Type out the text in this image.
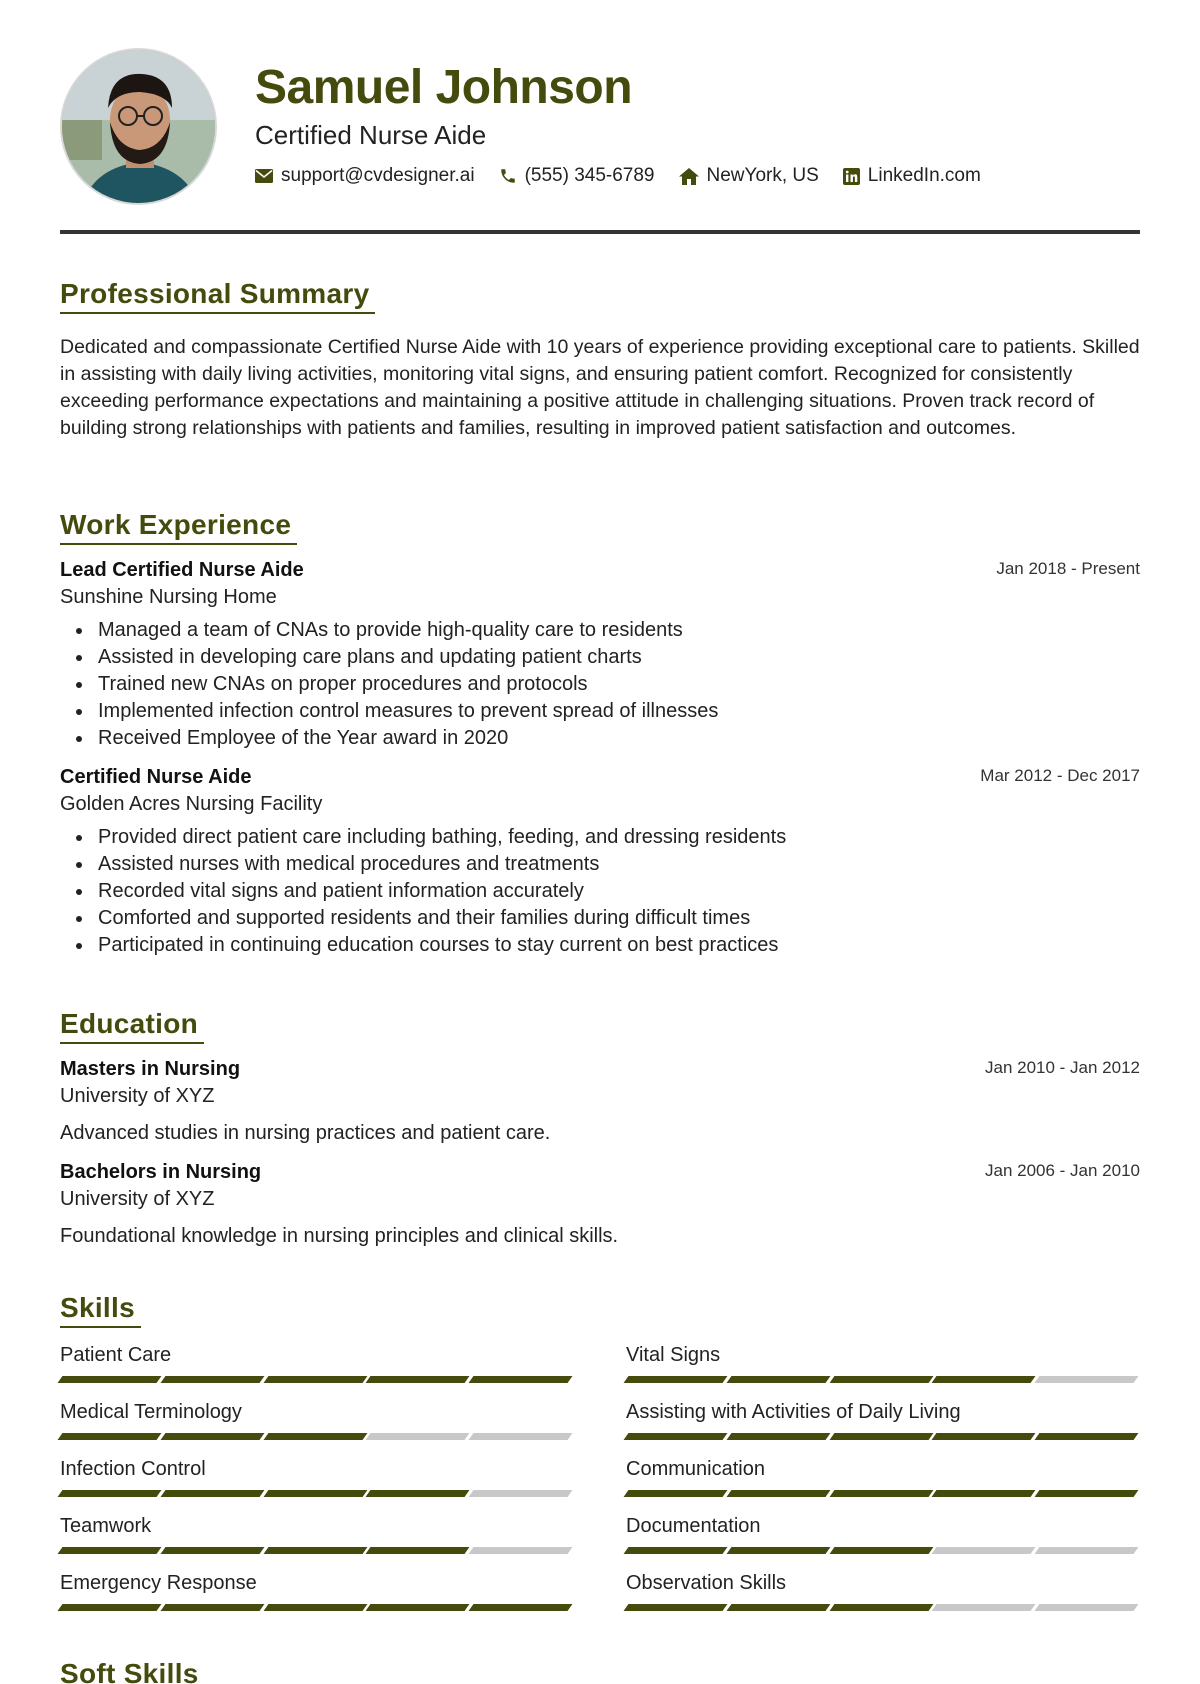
Samuel Johnson
Certified Nurse Aide
support@cvdesigner.ai	(555) 345-6789	NewYork, US	LinkedIn.com
Professional Summary
Dedicated and compassionate Certified Nurse Aide with 10 years of experience providing exceptional care to patients. Skilled in assisting with daily living activities, monitoring vital signs, and ensuring patient comfort. Recognized for consistently exceeding performance expectations and maintaining a positive attitude in challenging situations. Proven track record of building strong relationships with patients and families, resulting in improved patient satisfaction and outcomes.
Work Experience
Lead Certified Nurse Aide	Jan 2018 - Present
Sunshine Nursing Home
Managed a team of CNAs to provide high-quality care to residents
Assisted in developing care plans and updating patient charts
Trained new CNAs on proper procedures and protocols
Implemented infection control measures to prevent spread of illnesses
Received Employee of the Year award in 2020
Certified Nurse Aide	Mar 2012 - Dec 2017
Golden Acres Nursing Facility
Provided direct patient care including bathing, feeding, and dressing residents
Assisted nurses with medical procedures and treatments
Recorded vital signs and patient information accurately
Comforted and supported residents and their families during difficult times
Participated in continuing education courses to stay current on best practices
Education
Masters in Nursing	Jan 2010 - Jan 2012
University of XYZ
Advanced studies in nursing practices and patient care.
Bachelors in Nursing	Jan 2006 - Jan 2010
University of XYZ
Foundational knowledge in nursing principles and clinical skills.
Skills
Patient Care	Vital Signs
Medical Terminology	Assisting with Activities of Daily Living
Infection Control	Communication
Teamwork	Documentation
Emergency Response	Observation Skills
Soft Skills
